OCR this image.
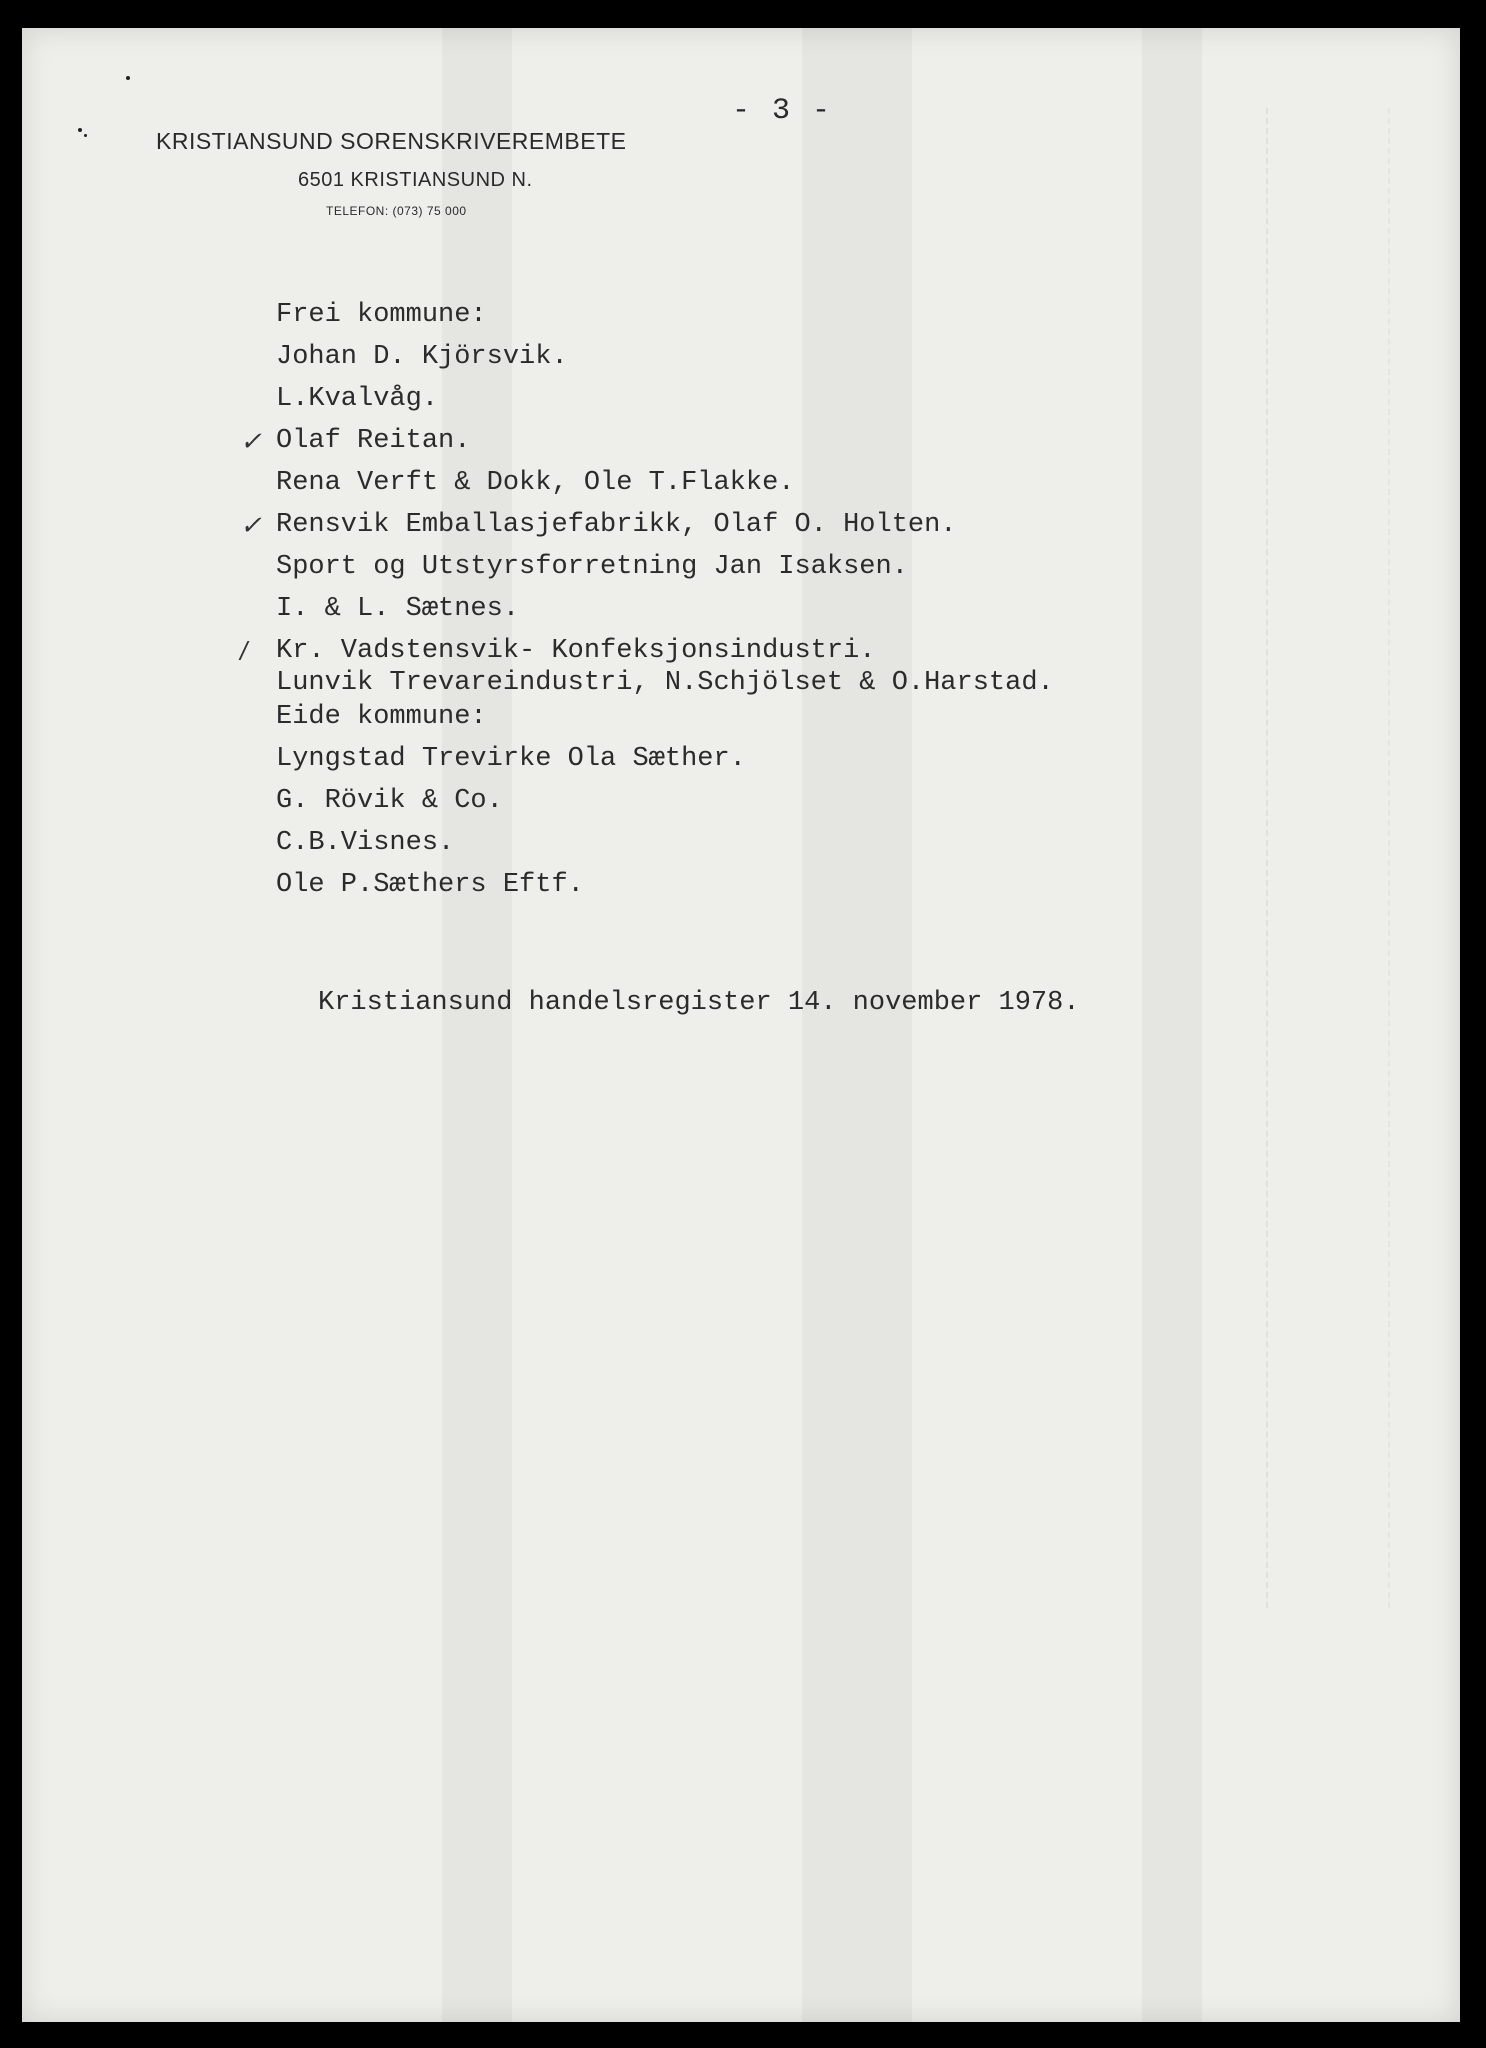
- 3 -
KRISTIANSUND SORENSKRIVEREMBETE
6501 KRISTIANSUND N.
TELEFON: (073) 75 000
Frei kommune:
Johan D. Kjörsvik.
L.Kvalvåg.
✓ Olaf Reitan.
Rena Verft & Dokk, Ole T.Flakke.
✓ Rensvik Emballasjefabrikk, Olaf O. Holten.
Sport og Utstyrsforretning Jan Isaksen.
I. & L. Sætnes.
/ Kr. Vadstensvik- Konfeksjonsindustri.
Lunvik Trevareindustri, N.Schjölset & O.Harstad.
Eide kommune:
Lyngstad Trevirke Ola Sæther.
G. Rövik & Co.
C.B.Visnes.
Ole P.Sæthers Eftf.
Kristiansund handelsregister 14. november 1978.
